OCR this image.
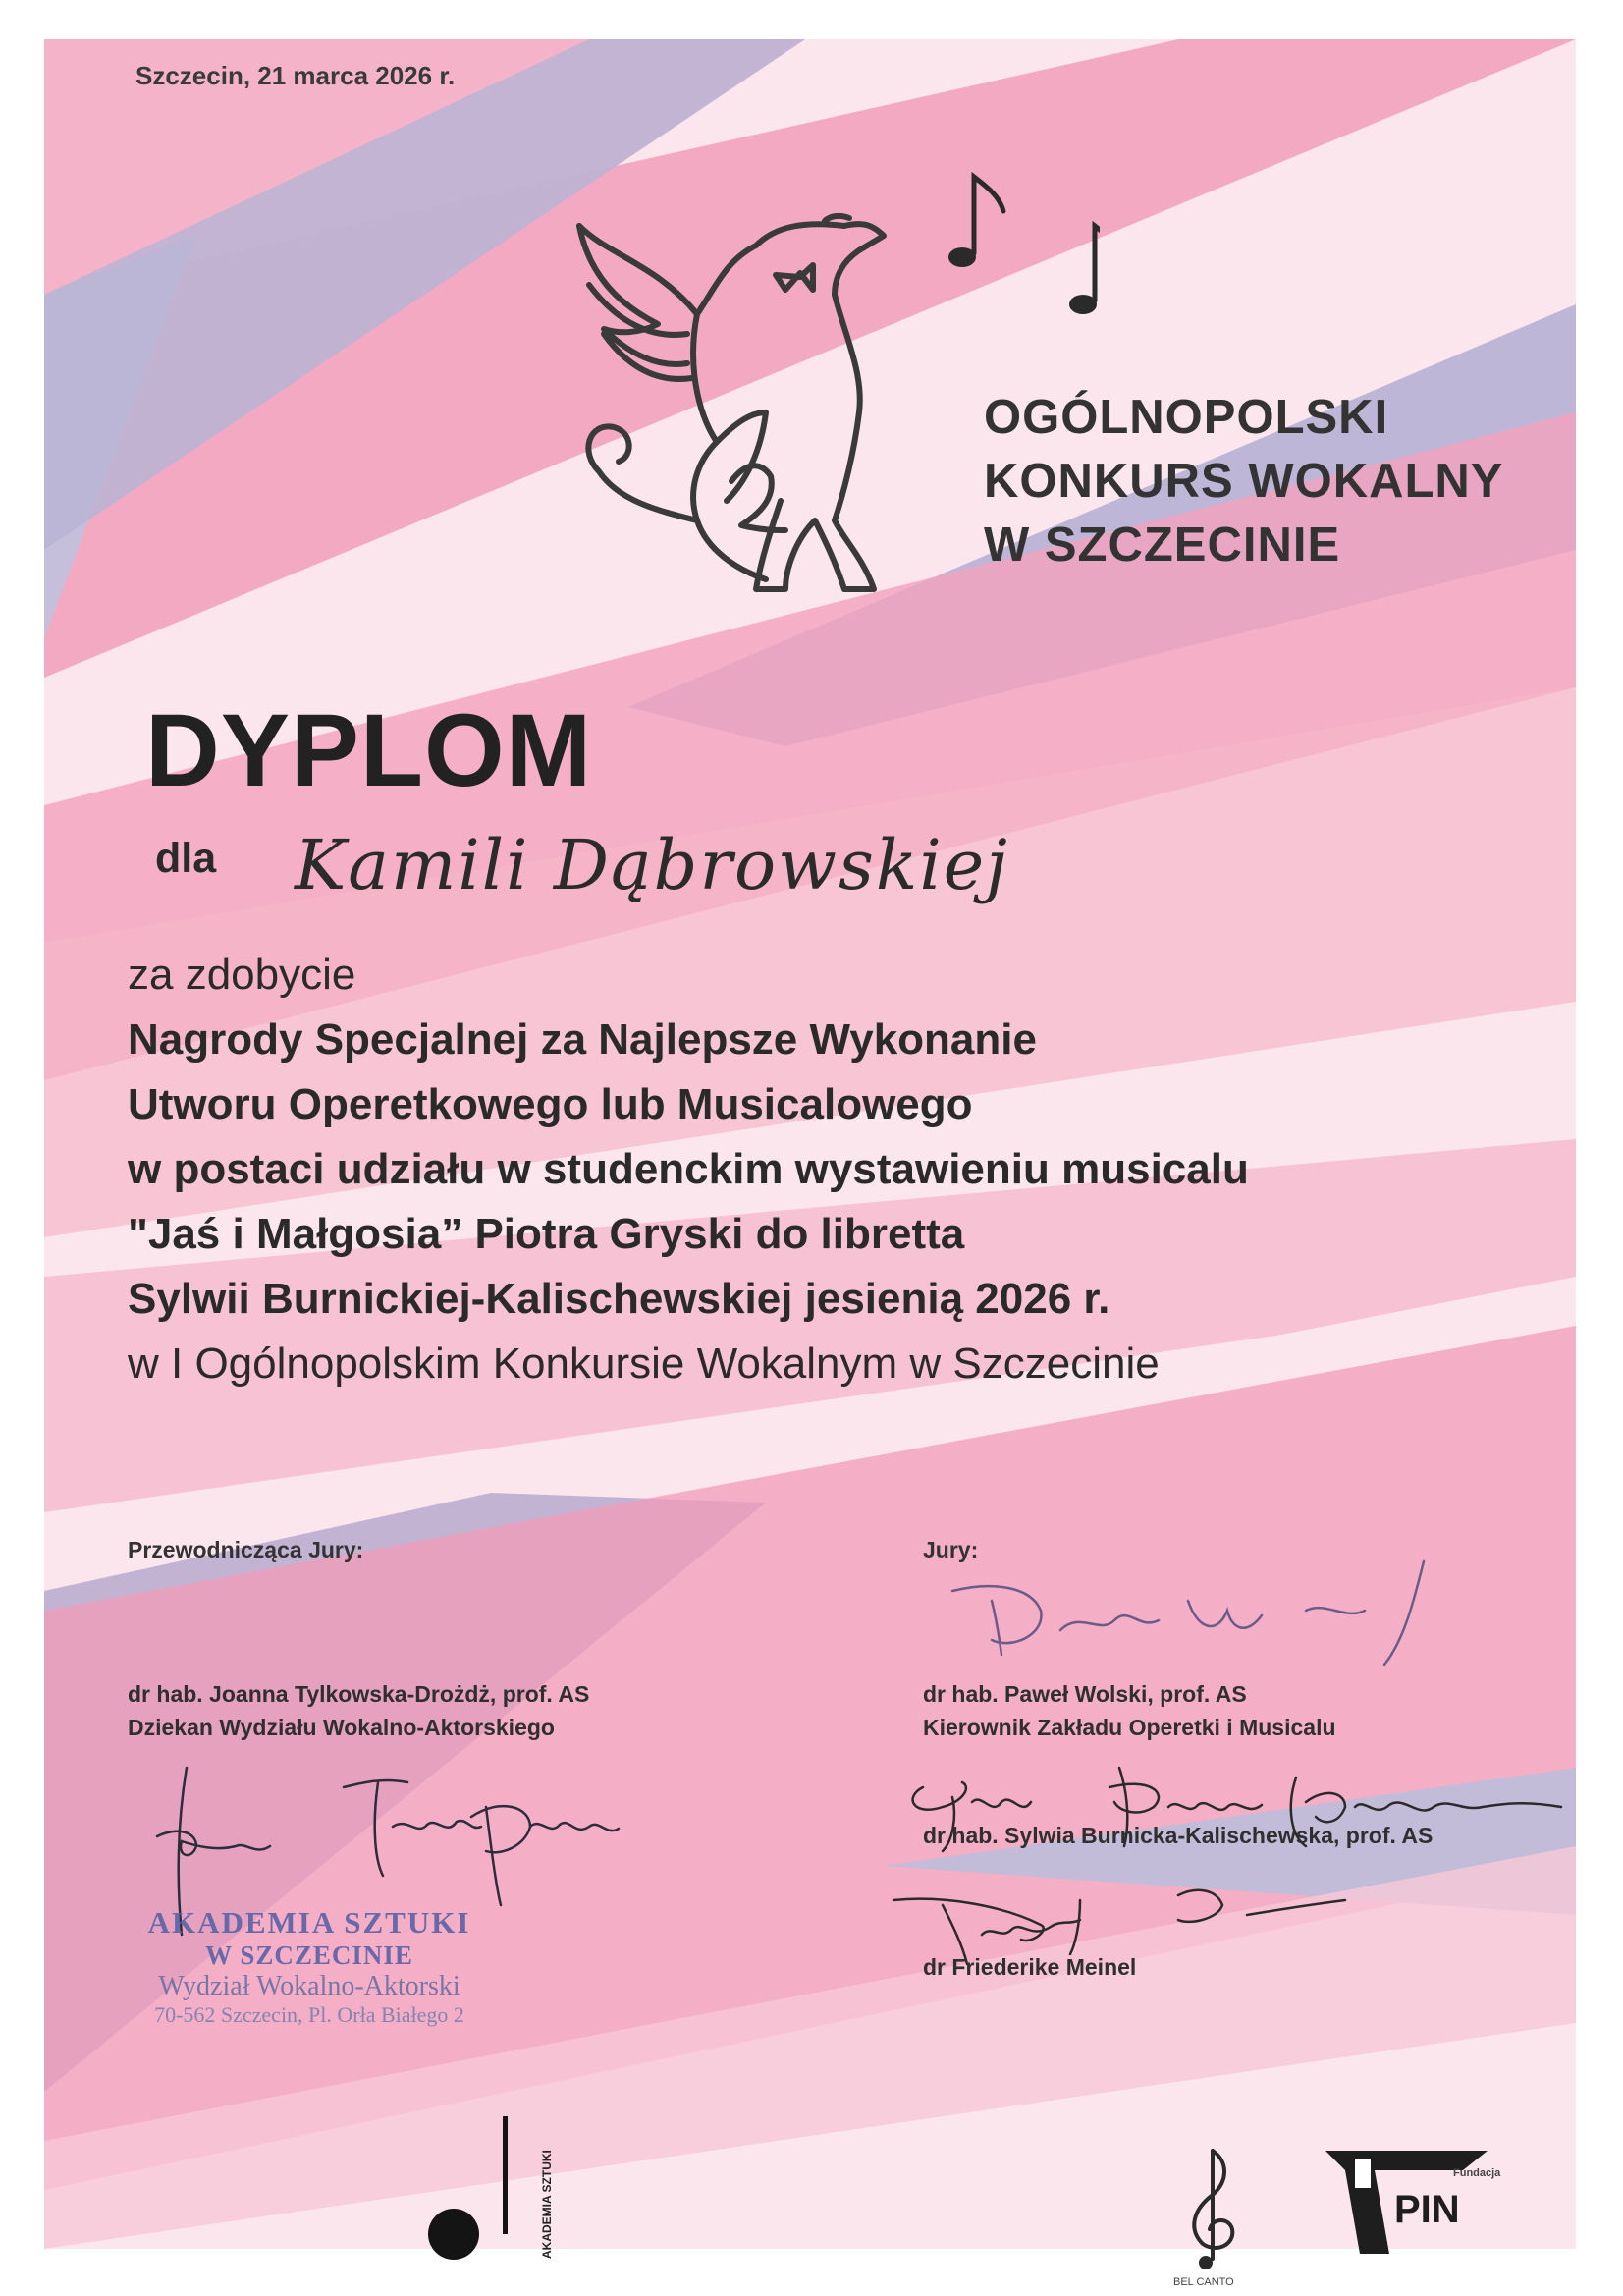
Szczecin, 21 marca 2026 r.
OGÓLNOPOLSKI
KONKURS WOKALNY
W SZCZECINIE
DYPLOM
dla Kamili Dąbrowskiej
za zdobycie
Nagrody Specjalnej za Najlepsze Wykonanie
Utworu Operetkowego lub Musicalowego
w postaci udziału w studenckim wystawieniu musicalu
"Jaś i Małgosia” Piotra Gryski do libretta
Sylwii Burnickiej-Kalischewskiej jesienią 2026 r.
w I Ogólnopolskim Konkursie Wokalnym w Szczecinie
Przewodnicząca Jury:
dr hab. Joanna Tylkowska-Drożdż, prof. AS
Dziekan Wydziału Wokalno-Aktorskiego
AKADEMIA SZTUKI
W SZCZECINIE
Wydział Wokalno-Aktorski
70-562 Szczecin, Pl. Orła Białego 2
Jury:
dr hab. Paweł Wolski, prof. AS
Kierownik Zakładu Operetki i Musicalu
dr hab. Sylwia Burnicka-Kalischewska, prof. AS
dr Friederike Meinel
AKADEMIA SZTUKI
BEL CANTO
Fundacja
PIN
